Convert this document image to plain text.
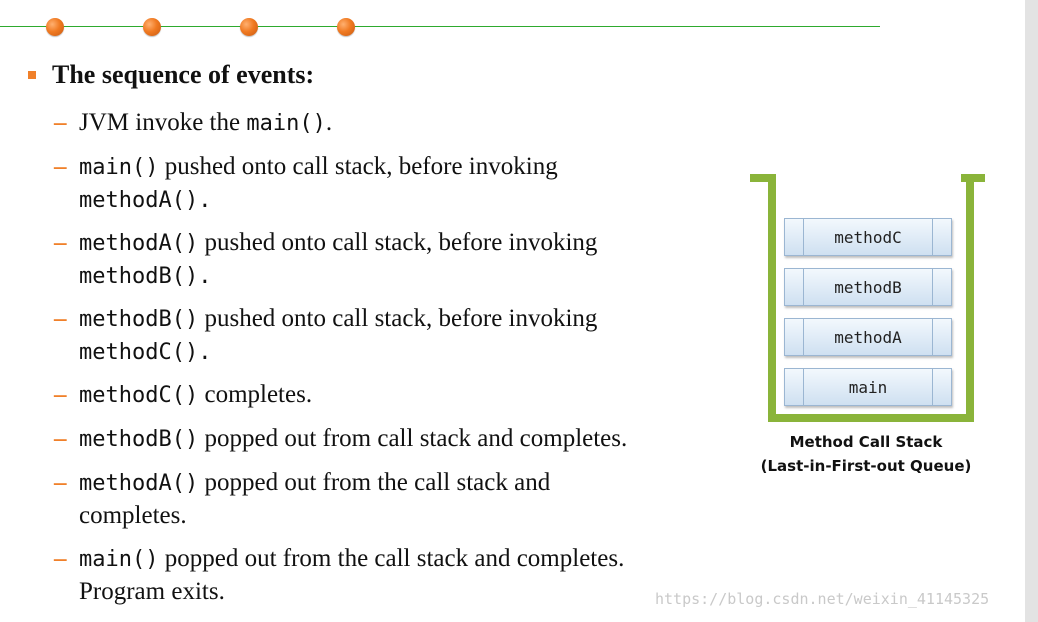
The sequence of events:
– JVM invoke the main().
– main() pushed onto call stack, before invoking
methodA().
– methodA() pushed onto call stack, before invoking
methodB().
– methodB() pushed onto call stack, before invoking
methodC().
– methodC() completes.
– methodB() popped out from call stack and completes.
– methodA() popped out from the call stack and
completes.
– main() popped out from the call stack and completes.
Program exits.
methodC
methodB
methodA
main
Method Call Stack
(Last-in-First-out Queue)
https://blog.csdn.net/weixin_41145325
